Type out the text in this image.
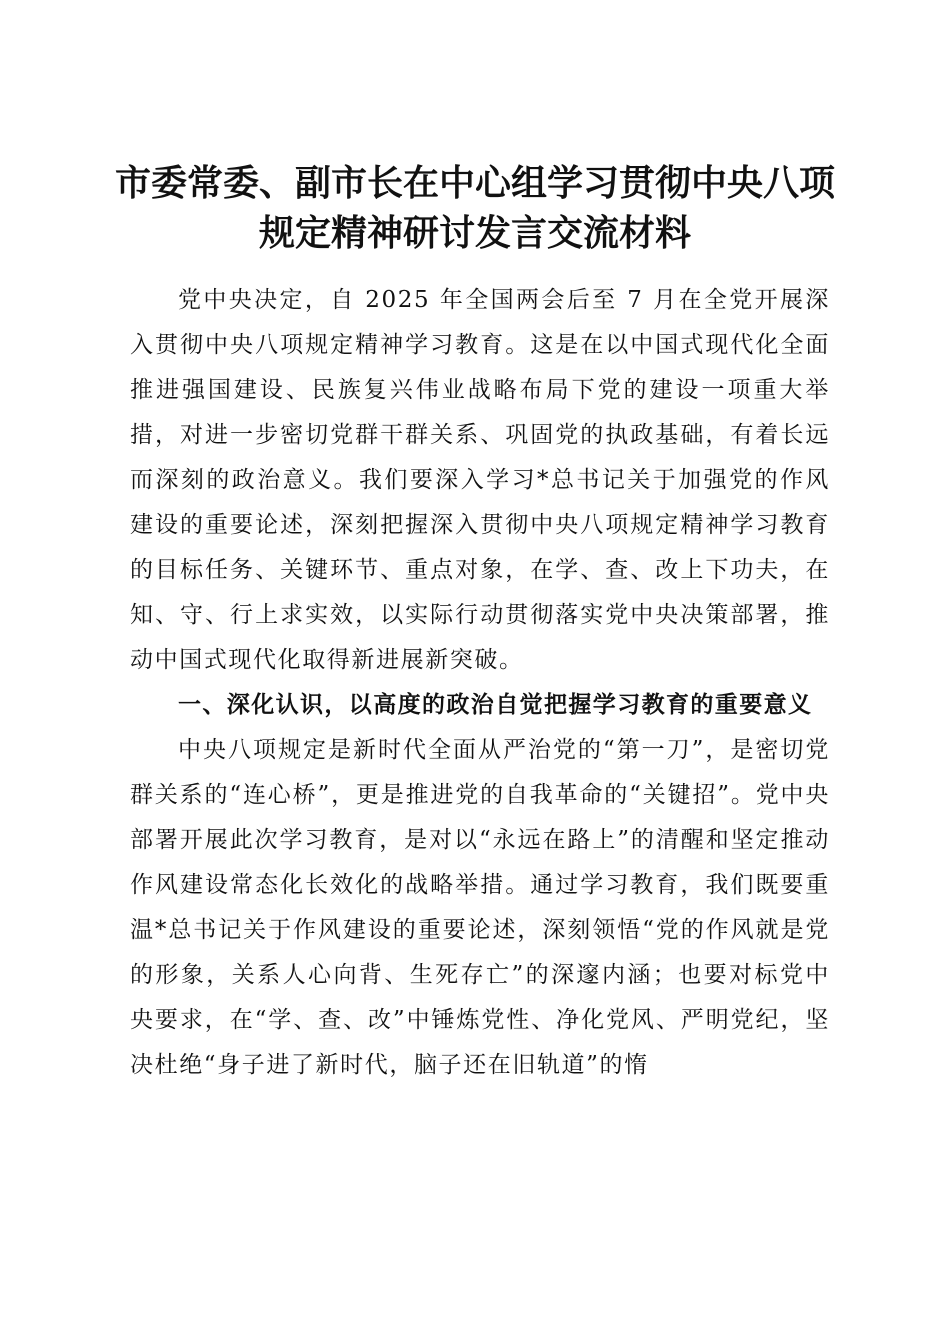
市委常委、副市长在中心组学习贯彻中央八项
规定精神研讨发言交流材料

党中央决定，自 2025 年全国两会后至 7 月在全党开展深入贯彻中央八项规定精神学习教育。这是在以中国式现代化全面推进强国建设、民族复兴伟业战略布局下党的建设一项重大举措，对进一步密切党群干群关系、巩固党的执政基础，有着长远而深刻的政治意义。我们要深入学习*总书记关于加强党的作风建设的重要论述，深刻把握深入贯彻中央八项规定精神学习教育的目标任务、关键环节、重点对象，在学、查、改上下功夫，在知、守、行上求实效，以实际行动贯彻落实党中央决策部署，推动中国式现代化取得新进展新突破。

一、深化认识，以高度的政治自觉把握学习教育的重要意义

中央八项规定是新时代全面从严治党的“第一刀”，是密切党群关系的“连心桥”，更是推进党的自我革命的“关键招”。党中央部署开展此次学习教育，是对以“永远在路上”的清醒和坚定推动作风建设常态化长效化的战略举措。通过学习教育，我们既要重温*总书记关于作风建设的重要论述，深刻领悟“党的作风就是党的形象，关系人心向背、生死存亡”的深邃内涵；也要对标党中央要求，在“学、查、改”中锤炼党性、净化党风、严明党纪，坚决杜绝“身子进了新时代，脑子还在旧轨道”的惰
